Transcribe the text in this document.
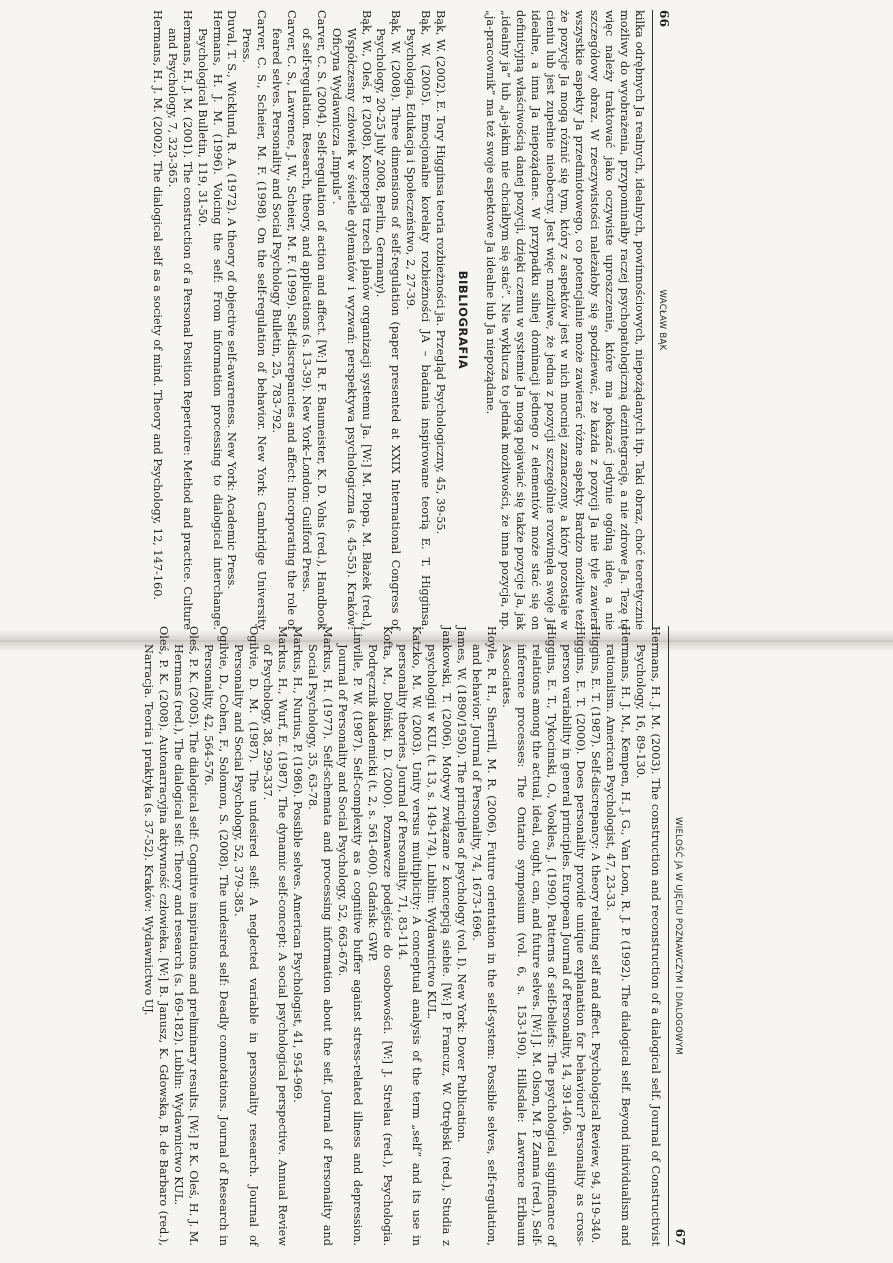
66
WACŁAW BĄK

kilka odrębnych Ja realnych, idealnych, powinnościowych, niepożądanych itp. Taki obraz, choć teoretycznie możliwy do wyobrażenia, przypominałby raczej psychopatologiczną dezintegrację, a nie zdrowe Ja. Tezę tę więc należy traktować jako oczywiste uproszczenie, które ma pokazać jedynie ogólną ideę, a nie szczegółowy obraz. W rzeczywistości należałoby się spodziewać, że każda z pozycji Ja nie tyle zawiera wszystkie aspekty Ja przedmiotowego, co potencjalnie może zawierać różne aspekty. Bardzo możliwe też, że pozycje Ja mogą różnić się tym, który z aspektów jest w nich mocniej zaznaczony, a który pozostaje w cieniu lub jest zupełnie nieobecny. Jest więc możliwe, że jedna z pozycji szczególnie rozwinęła swoje Ja idealne, a inna Ja niepożądane. W przypadku silnej dominacji jednego z elementów może stać się on definicyjną właściwością danej pozycji, dzięki czemu w systemie Ja mogą pojawiać się także pozycje Ja, jak „idealny ja” lub „ja-jakim nie chciałbym się stać”. Nie wyklucza to jednak możliwości, że inna pozycja, np. „ja-pracownik” ma też swoje aspektowe Ja idealne lub Ja niepożądane.

BIBLIOGRAFIA
Bąk, W. (2002). E. Tory Higginsa teoria rozbieżności ja. Przegląd Psychologiczny, 45, 39-55.
Bąk, W. (2005). Emocjonalne korelaty rozbieżności JA – badania inspirowane teorią E. T. Higginsa. Psychologia, Edukacja i Społeczeństwo, 2, 27-39.
Bąk, W. (2008). Three dimensions of self-regulation (paper presented at XXIX International Congress of Psychology, 20-25 July 2008, Berlin, Germany).
Bąk, W., Oleś, P. (2008). Koncepcja trzech planów organizacji systemu Ja. [W:] M. Plopa, M. Błażek (red.), Współczesny człowiek w świetle dylematów i wyzwań: perspektywa psychologiczna (s. 45-55). Kraków: Oficyna Wydawnicza „Impuls”.
Carver, C. S. (2004). Self-regulation of action and affect. [W:] R. F. Baumeister, K. D. Vohs (red.), Handbook of self-regulation. Research, theory, and applications (s. 13-39). New York–London: Guilford Press.
Carver, C. S., Lawrence, J. W., Scheier, M. F. (1999). Self-discrepancies and affect: Incorporating the role of feared selves. Personality and Social Psychology Bulletin, 25, 783-792.
Carver, C. S., Scheier, M. F. (1998). On the self-regulation of behavior. New York: Cambridge University Press.
Duval, T. S., Wicklund, R. A. (1972). A theory of objective self-awareness. New York: Academic Press.
Hermans, H. J. M. (1996). Voicing the self: From information processing to dialogical interchange. Psychological Bulletin, 119, 31-50.
Hermans, H. J. M. (2001). The construction of a Personal Position Repertoire: Method and practice. Culture and Psychology, 7, 323-365.
Hermans, H. J. M. (2002). The dialogical self as a society of mind. Theory and Psychology, 12, 147-160.
WIELOŚĆ JA W UJĘCIU POZNAWCZYM I DIALOGOWYM
67
Hermans, H. J. M. (2003). The construction and reconstruction of a dialogical self. Journal of Constructivist Psychology, 16, 89-130.
Hermans, H. J. M., Kempen, H. J. G., Van Loon, R. J. P. (1992). The dialogical self. Beyond individualism and rationalism. American Psychologist, 47, 23-33.
Higgins, E. T. (1987). Self-discrepancy: A theory relating self and affect. Psychological Review, 94, 319-340.
Higgins, E. T. (2000). Does personality provide unique explanation for behaviour? Personality as cross-person variability in general principles. European Journal of Personality, 14, 391-406.
Higgins, E. T., Tykocinski, O., Vookles, J. (1990). Patterns of self-beliefs: The psychological significance of relations among the actual, ideal, ought, can, and future selves. [W:] J. M. Olson, M. P. Zanna (red.), Self-inference processes: The Ontario symposium (vol. 6, s. 153-190). Hillsdale: Lawrence Erlbaum Associates.
Hoyle, R. H., Sherrill, M. R. (2006). Future orientation in the self-system: Possible selves, self-regulation, and behavior. Journal of Personality, 74, 1673-1696.
James, W. (1890/1950). The principles of psychology (vol. I). New York: Dover Publication.
Jankowski, T. (2006). Motywy związane z koncepcją siebie. [W:] P. Francuz, W. Otrębski (red.), Studia z psychologii w KUL (t. 13, s. 149-174). Lublin: Wydawnictwo KUL.
Katzko, M. W. (2003). Unity versus multiplicity: A conceptual analysis of the term „self” and its use in personality theories. Journal of Personality, 71, 83-114.
Kofta, M., Doliński, D. (2000). Poznawcze podejście do osobowości. [W:] J. Strelau (red.), Psychologia. Podręcznik akademicki (t. 2, s. 561-600). Gdańsk: GWP.
Linville, P. W. (1987). Self-complexity as a cognitive buffer against stress-related illness and depression. Journal of Personality and Social Psychology, 52, 663-676.
Markus, H. (1977). Self-schemata and processing information about the self. Journal of Personality and Social Psychology, 35, 63-78.
Markus, H., Nurius, P. (1986). Possible selves. American Psychologist, 41, 954-969.
Markus, H., Wurf, E. (1987). The dynamic self-concept: A social psychological perspective. Annual Review of Psychology, 38, 299-337.
Ogilvie, D. M. (1987). The undesired self: A neglected variable in personality research. Journal of Personality and Social Psychology, 52, 379-385.
Ogilvie, D., Cohen, F., Solomon, S. (2008). The undesired self: Deadly connotations. Journal of Research in Personality, 42, 564-576.
Oleś, P. K. (2005). The dialogical self: Cognitive inspirations and preliminary results. [W:] P. K. Oleś, H. J. M. Hermans (red.), The dialogical self: Theory and research (s. 169-182). Lublin: Wydawnictwo KUL.
Oleś, P. K. (2008). Autonarracyjna aktywność człowieka. [W:] B. Janusz, K. Gdowska, B. de Barbaro (red.), Narracja. Teoria i praktyka (s. 37-52). Kraków: Wydawnictwo UJ.
